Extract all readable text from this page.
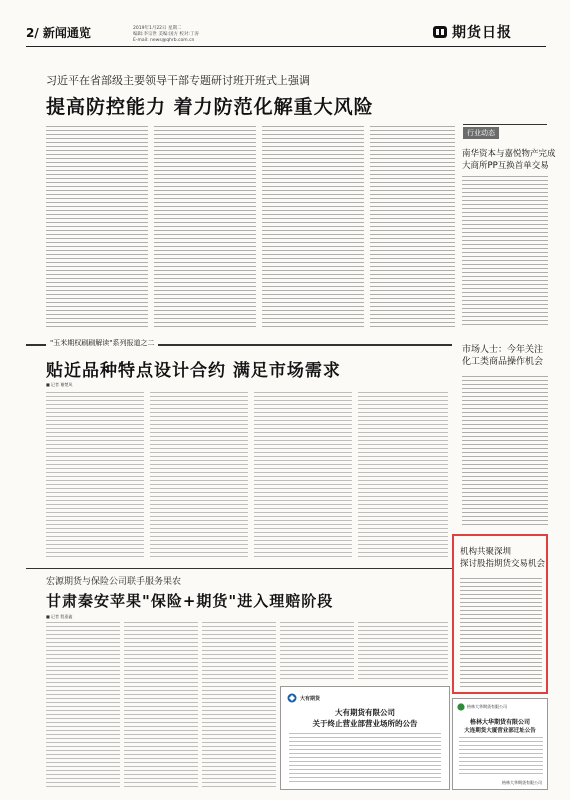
2/ 新闻通览	2019年1月22日 星期二
编辑:李宗世 美编:国方 校对:丁涛
E-mail: news@qhrb.com.cn	期货日报
习近平在省部级主要领导干部专题研讨班开班式上强调
提高防控能力 着力防范化解重大风险
行业动态
南华资本与嘉悦物产完成
大商所PP互换首单交易
市场人士：今年关注
化工类商品操作机会
机构共聚深圳
探讨股指期货交易机会
"玉米期权刷刷解读"系列报道之二
贴近品种特点设计合约 满足市场需求
■ 记者 谢楚风
宏源期货与保险公司联手服务果农
甘肃秦安苹果"保险+期货"进入理赔阶段
■ 记者 程嘉鑫
大有期货
大有期货有限公司
关于终止营业部营业场所的公告
格林大华期货有限公司
格林大华期货有限公司
大连期货大厦营业部迁址公告
格林大华期货有限公司
